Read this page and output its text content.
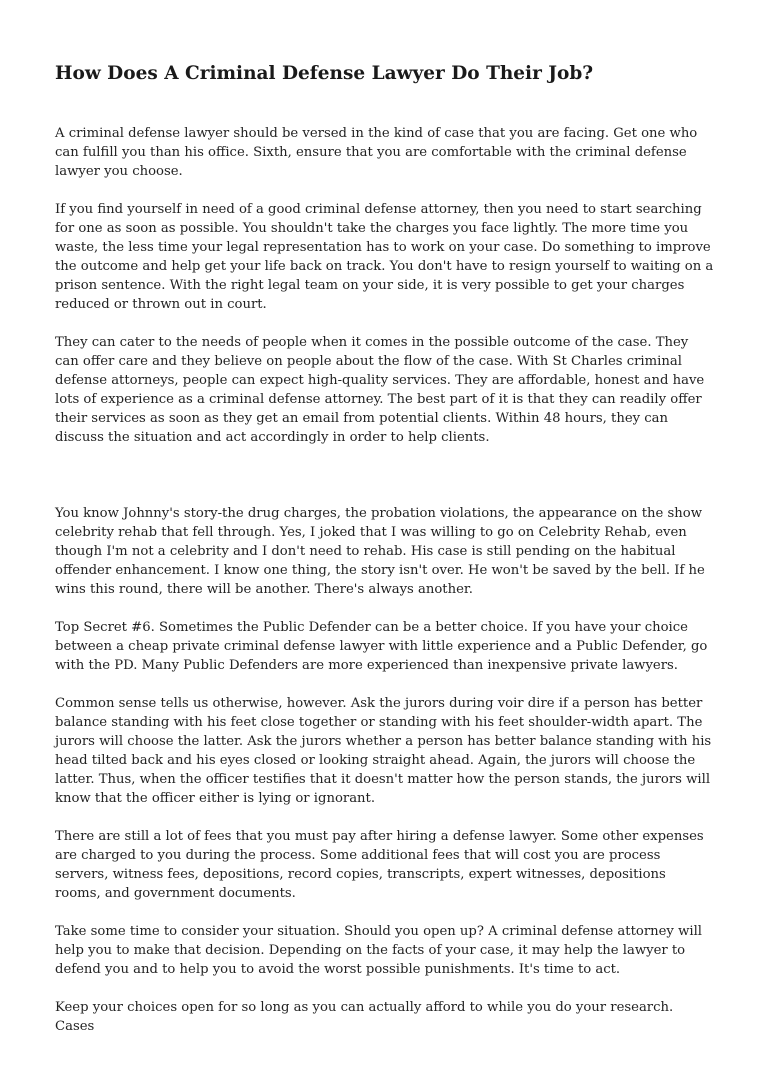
How Does A Criminal Defense Lawyer Do Their Job?

A criminal defense lawyer should be versed in the kind of case that you are facing. Get one who can fulfill you than his office. Sixth, ensure that you are comfortable with the criminal defense lawyer you choose.

If you find yourself in need of a good criminal defense attorney, then you need to start searching for one as soon as possible. You shouldn't take the charges you face lightly. The more time you waste, the less time your legal representation has to work on your case. Do something to improve the outcome and help get your life back on track. You don't have to resign yourself to waiting on a prison sentence. With the right legal team on your side, it is very possible to get your charges reduced or thrown out in court.

They can cater to the needs of people when it comes in the possible outcome of the case. They can offer care and they believe on people about the flow of the case. With St Charles criminal defense attorneys, people can expect high-quality services. They are affordable, honest and have lots of experience as a criminal defense attorney. The best part of it is that they can readily offer their services as soon as they get an email from potential clients. Within 48 hours, they can discuss the situation and act accordingly in order to help clients.

You know Johnny's story-the drug charges, the probation violations, the appearance on the show celebrity rehab that fell through. Yes, I joked that I was willing to go on Celebrity Rehab, even though I'm not a celebrity and I don't need to rehab. His case is still pending on the habitual offender enhancement. I know one thing, the story isn't over. He won't be saved by the bell. If he wins this round, there will be another. There's always another.

Top Secret #6. Sometimes the Public Defender can be a better choice. If you have your choice between a cheap private criminal defense lawyer with little experience and a Public Defender, go with the PD. Many Public Defenders are more experienced than inexpensive private lawyers.

Common sense tells us otherwise, however. Ask the jurors during voir dire if a person has better balance standing with his feet close together or standing with his feet shoulder-width apart. The jurors will choose the latter. Ask the jurors whether a person has better balance standing with his head tilted back and his eyes closed or looking straight ahead. Again, the jurors will choose the latter. Thus, when the officer testifies that it doesn't matter how the person stands, the jurors will know that the officer either is lying or ignorant.

There are still a lot of fees that you must pay after hiring a defense lawyer. Some other expenses are charged to you during the process. Some additional fees that will cost you are process servers, witness fees, depositions, record copies, transcripts, expert witnesses, depositions rooms, and government documents.

Take some time to consider your situation. Should you open up? A criminal defense attorney will help you to make that decision. Depending on the facts of your case, it may help the lawyer to defend you and to help you to avoid the worst possible punishments. It's time to act.

Keep your choices open for so long as you can actually afford to while you do your research. Cases
